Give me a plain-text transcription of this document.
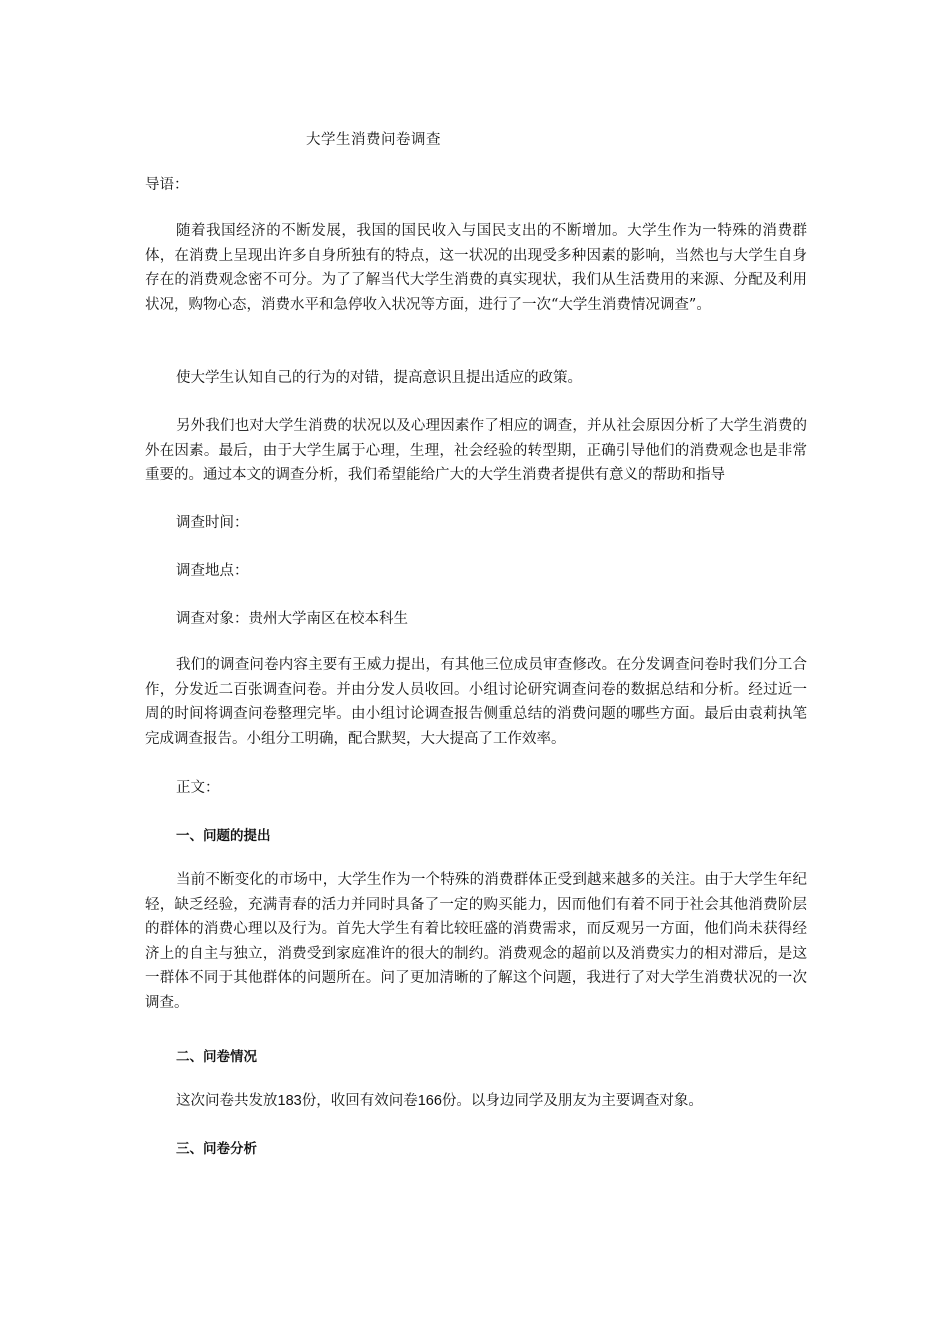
大学生消费问卷调查
导语：
随着我国经济的不断发展，我国的国民收入与国民支出的不断增加。大学生作为一特殊的消费群体，在消费上呈现出许多自身所独有的特点，这一状况的出现受多种因素的影响，当然也与大学生自身存在的消费观念密不可分。为了了解当代大学生消费的真实现状，我们从生活费用的来源、分配及利用状况，购物心态，消费水平和急停收入状况等方面，进行了一次“大学生消费情况调查”。
使大学生认知自己的行为的对错，提高意识且提出适应的政策。
另外我们也对大学生消费的状况以及心理因素作了相应的调查，并从社会原因分析了大学生消费的外在因素。最后，由于大学生属于心理，生理，社会经验的转型期，正确引导他们的消费观念也是非常重要的。通过本文的调查分析，我们希望能给广大的大学生消费者提供有意义的帮助和指导
调查时间：
调查地点：
调查对象：贵州大学南区在校本科生
我们的调查问卷内容主要有王威力提出，有其他三位成员审查修改。在分发调查问卷时我们分工合作，分发近二百张调查问卷。并由分发人员收回。小组讨论研究调查问卷的数据总结和分析。经过近一周的时间将调查问卷整理完毕。由小组讨论调查报告侧重总结的消费问题的哪些方面。最后由袁莉执笔完成调查报告。小组分工明确，配合默契，大大提高了工作效率。
正文：
一、问题的提出
当前不断变化的市场中，大学生作为一个特殊的消费群体正受到越来越多的关注。由于大学生年纪轻，缺乏经验，充满青春的活力并同时具备了一定的购买能力，因而他们有着不同于社会其他消费阶层的群体的消费心理以及行为。首先大学生有着比较旺盛的消费需求，而反观另一方面，他们尚未获得经济上的自主与独立，消费受到家庭准许的很大的制约。消费观念的超前以及消费实力的相对滞后，是这一群体不同于其他群体的问题所在。问了更加清晰的了解这个问题，我进行了对大学生消费状况的一次调查。
二、问卷情况
这次问卷共发放183份，收回有效问卷166份。以身边同学及朋友为主要调查对象。
三、问卷分析
